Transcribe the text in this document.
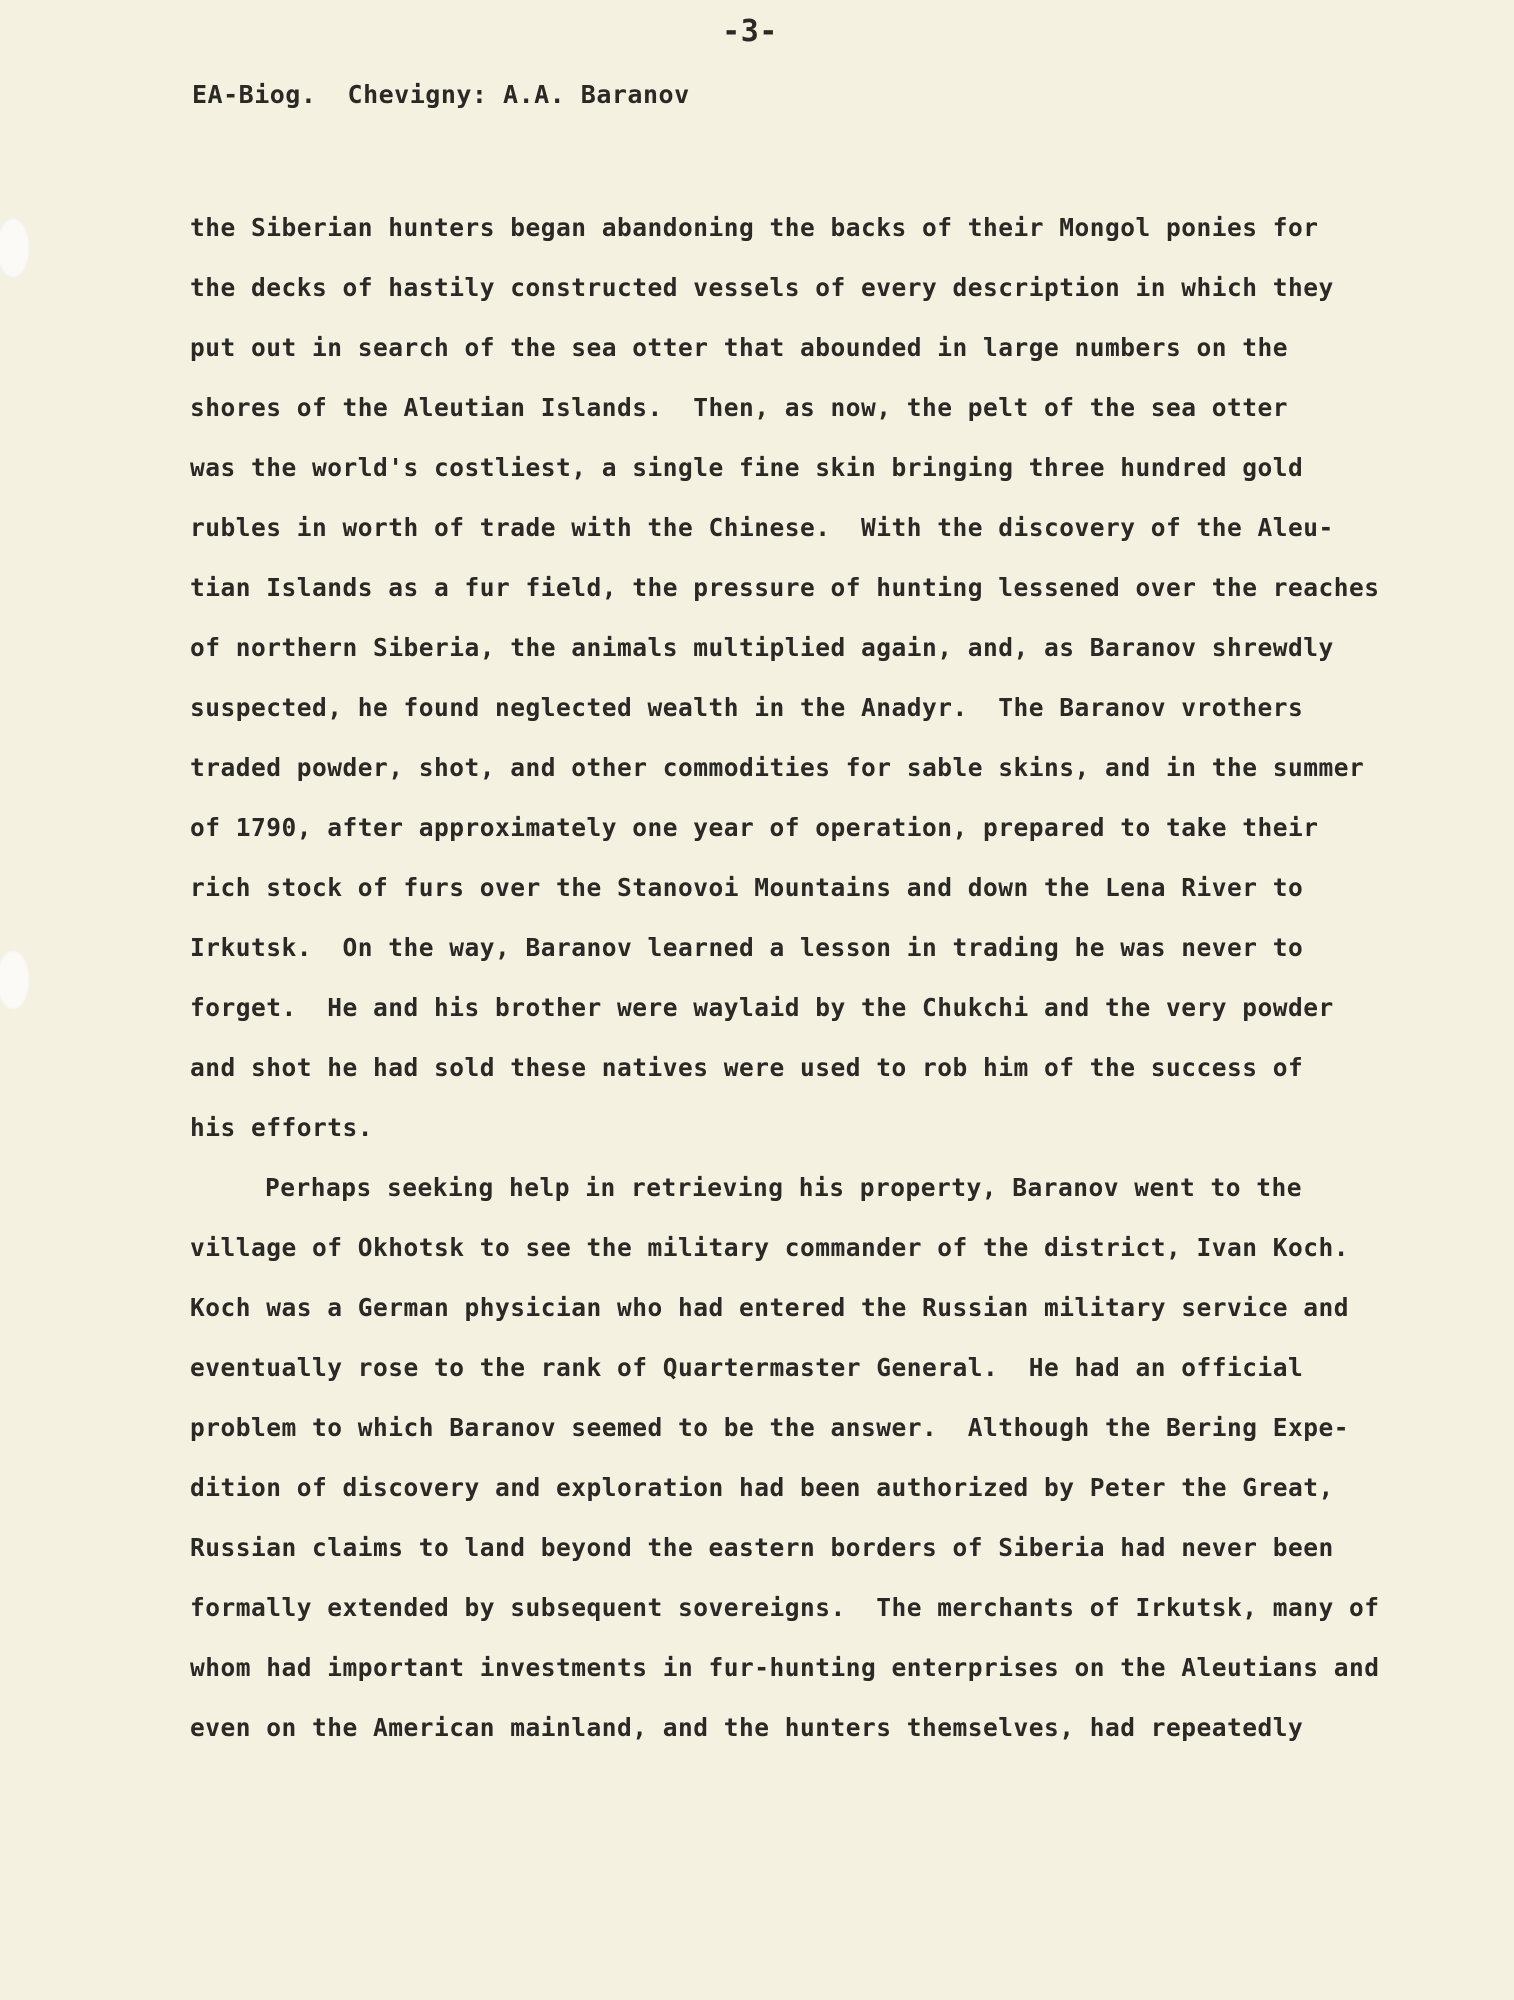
-3-
EA-Biog.  Chevigny: A.A. Baranov
the Siberian hunters began abandoning the backs of their Mongol ponies for
the decks of hastily constructed vessels of every description in which they
put out in search of the sea otter that abounded in large numbers on the
shores of the Aleutian Islands.  Then, as now, the pelt of the sea otter
was the world's costliest, a single fine skin bringing three hundred gold
rubles in worth of trade with the Chinese.  With the discovery of the Aleu-
tian Islands as a fur field, the pressure of hunting lessened over the reaches
of northern Siberia, the animals multiplied again, and, as Baranov shrewdly
suspected, he found neglected wealth in the Anadyr.  The Baranov vrothers
traded powder, shot, and other commodities for sable skins, and in the summer
of 1790, after approximately one year of operation, prepared to take their
rich stock of furs over the Stanovoi Mountains and down the Lena River to
Irkutsk.  On the way, Baranov learned a lesson in trading he was never to
forget.  He and his brother were waylaid by the Chukchi and the very powder
and shot he had sold these natives were used to rob him of the success of
his efforts.
Perhaps seeking help in retrieving his property, Baranov went to the
village of Okhotsk to see the military commander of the district, Ivan Koch.
Koch was a German physician who had entered the Russian military service and
eventually rose to the rank of Quartermaster General.  He had an official
problem to which Baranov seemed to be the answer.  Although the Bering Expe-
dition of discovery and exploration had been authorized by Peter the Great,
Russian claims to land beyond the eastern borders of Siberia had never been
formally extended by subsequent sovereigns.  The merchants of Irkutsk, many of
whom had important investments in fur-hunting enterprises on the Aleutians and
even on the American mainland, and the hunters themselves, had repeatedly
